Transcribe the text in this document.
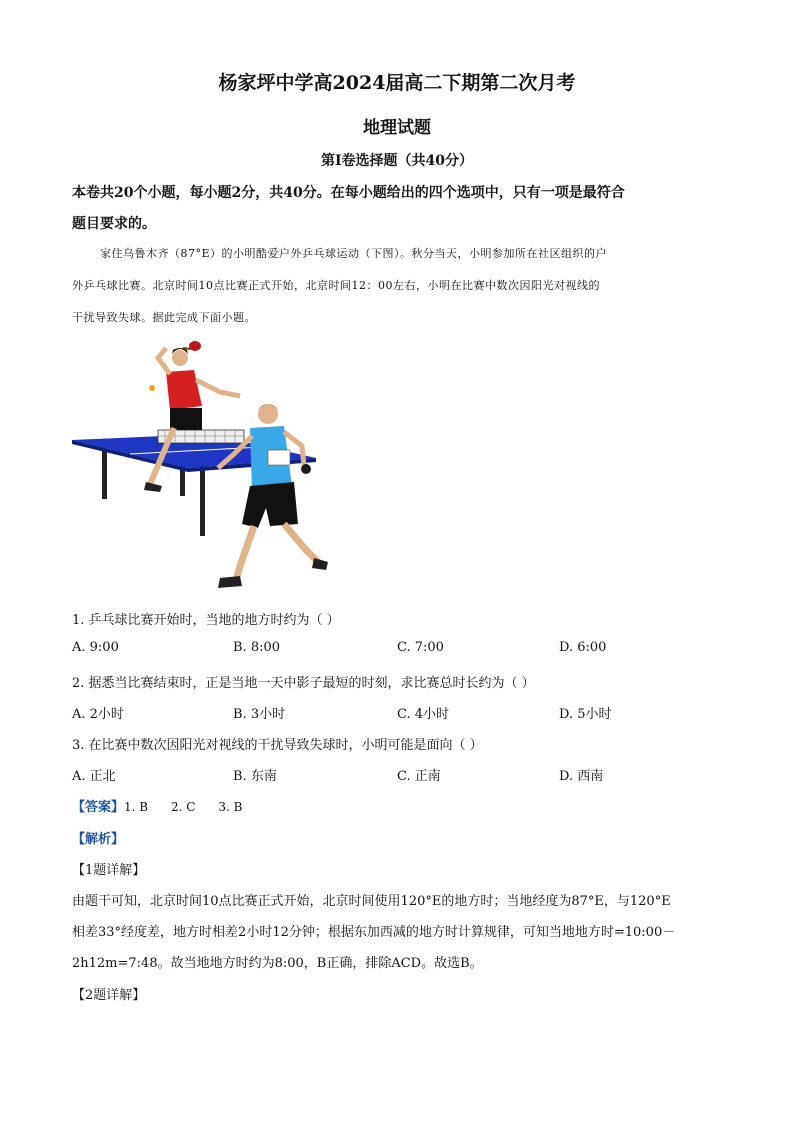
杨家坪中学高2024届高二下期第二次月考
地理试题
第I卷选择题（共40分）
本卷共20个小题，每小题2分，共40分。在每小题给出的四个选项中，只有一项是最符合
题目要求的。
家住乌鲁木齐（87°E）的小明酷爱户外乒乓球运动（下图）。秋分当天，小明参加所在社区组织的户
外乒乓球比赛。北京时间10点比赛正式开始，北京时间12：00左右，小明在比赛中数次因阳光对视线的
干扰导致失球。据此完成下面小题。
1. 乒乓球比赛开始时，当地的地方时约为（ ）
A. 9:00	B. 8:00	C. 7:00	D. 6:00
2. 据悉当比赛结束时，正是当地一天中影子最短的时刻，求比赛总时长约为（ ）
A. 2小时	B. 3小时	C. 4小时	D. 5小时
3. 在比赛中数次因阳光对视线的干扰导致失球时，小明可能是面向（ ）
A. 正北	B. 东南	C. 正南	D. 西南
【答案】1. B      2. C      3. B
【解析】
【1题详解】
由题干可知，北京时间10点比赛正式开始，北京时间使用120°E的地方时；当地经度为87°E，与120°E
相差33°经度差，地方时相差2小时12分钟；根据东加西减的地方时计算规律，可知当地地方时=10:00－
2h12m=7:48。故当地地方时约为8:00，B正确，排除ACD。故选B。
【2题详解】
